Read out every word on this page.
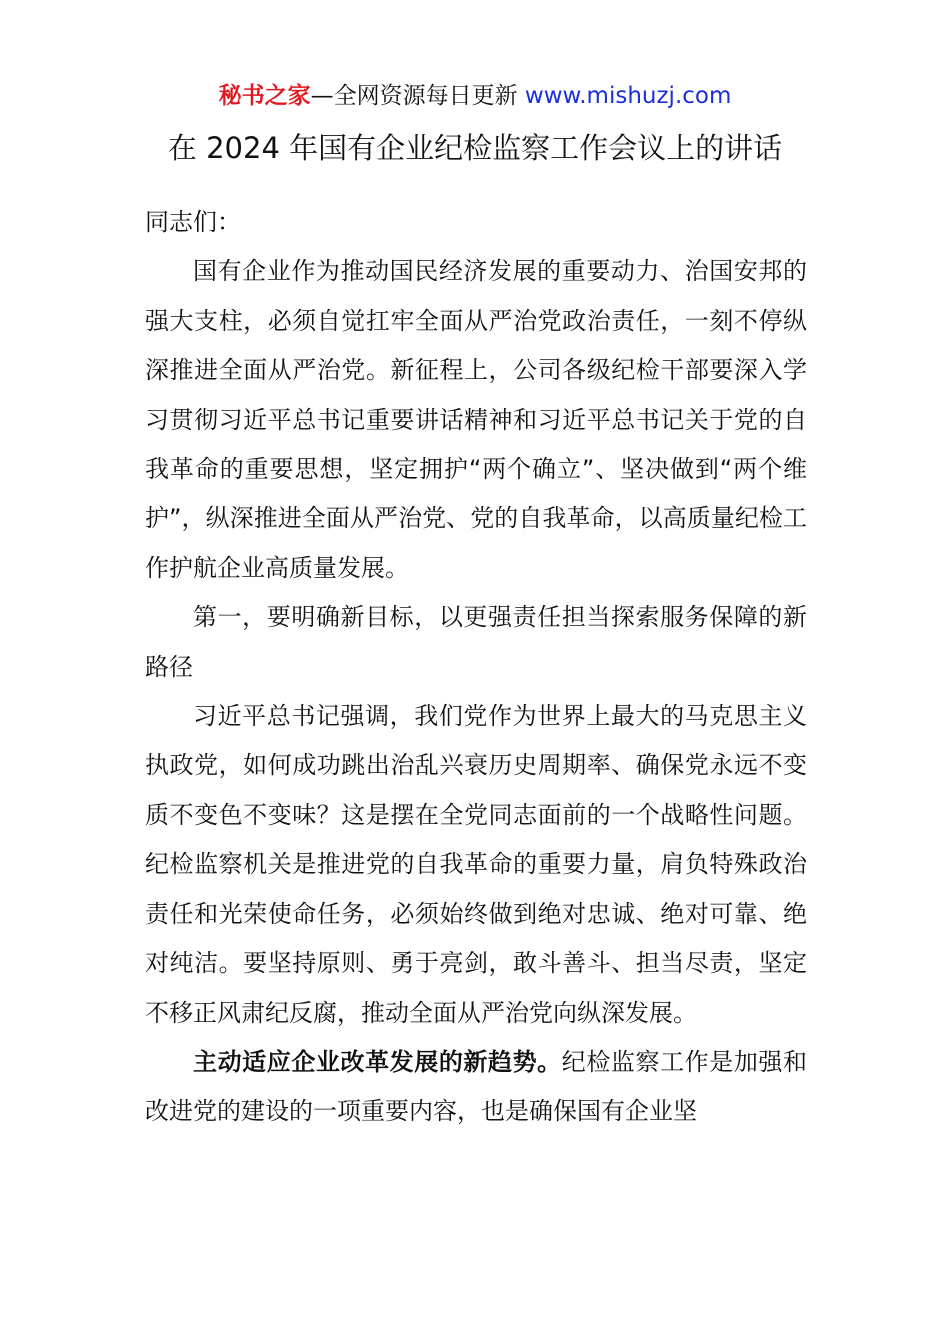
秘书之家—全网资源每日更新 www.mishuzj.com
在 2024 年国有企业纪检监察工作会议上的讲话

同志们：

国有企业作为推动国民经济发展的重要动力、治国安邦的强大支柱，必须自觉扛牢全面从严治党政治责任，一刻不停纵深推进全面从严治党。新征程上，公司各级纪检干部要深入学习贯彻习近平总书记重要讲话精神和习近平总书记关于党的自我革命的重要思想，坚定拥护“两个确立”、坚决做到“两个维护”，纵深推进全面从严治党、党的自我革命，以高质量纪检工作护航企业高质量发展。

第一，要明确新目标，以更强责任担当探索服务保障的新路径

习近平总书记强调，我们党作为世界上最大的马克思主义执政党，如何成功跳出治乱兴衰历史周期率、确保党永远不变质不变色不变味？这是摆在全党同志面前的一个战略性问题。纪检监察机关是推进党的自我革命的重要力量，肩负特殊政治责任和光荣使命任务，必须始终做到绝对忠诚、绝对可靠、绝对纯洁。要坚持原则、勇于亮剑，敢斗善斗、担当尽责，坚定不移正风肃纪反腐，推动全面从严治党向纵深发展。

主动适应企业改革发展的新趋势。纪检监察工作是加强和改进党的建设的一项重要内容，也是确保国有企业坚
